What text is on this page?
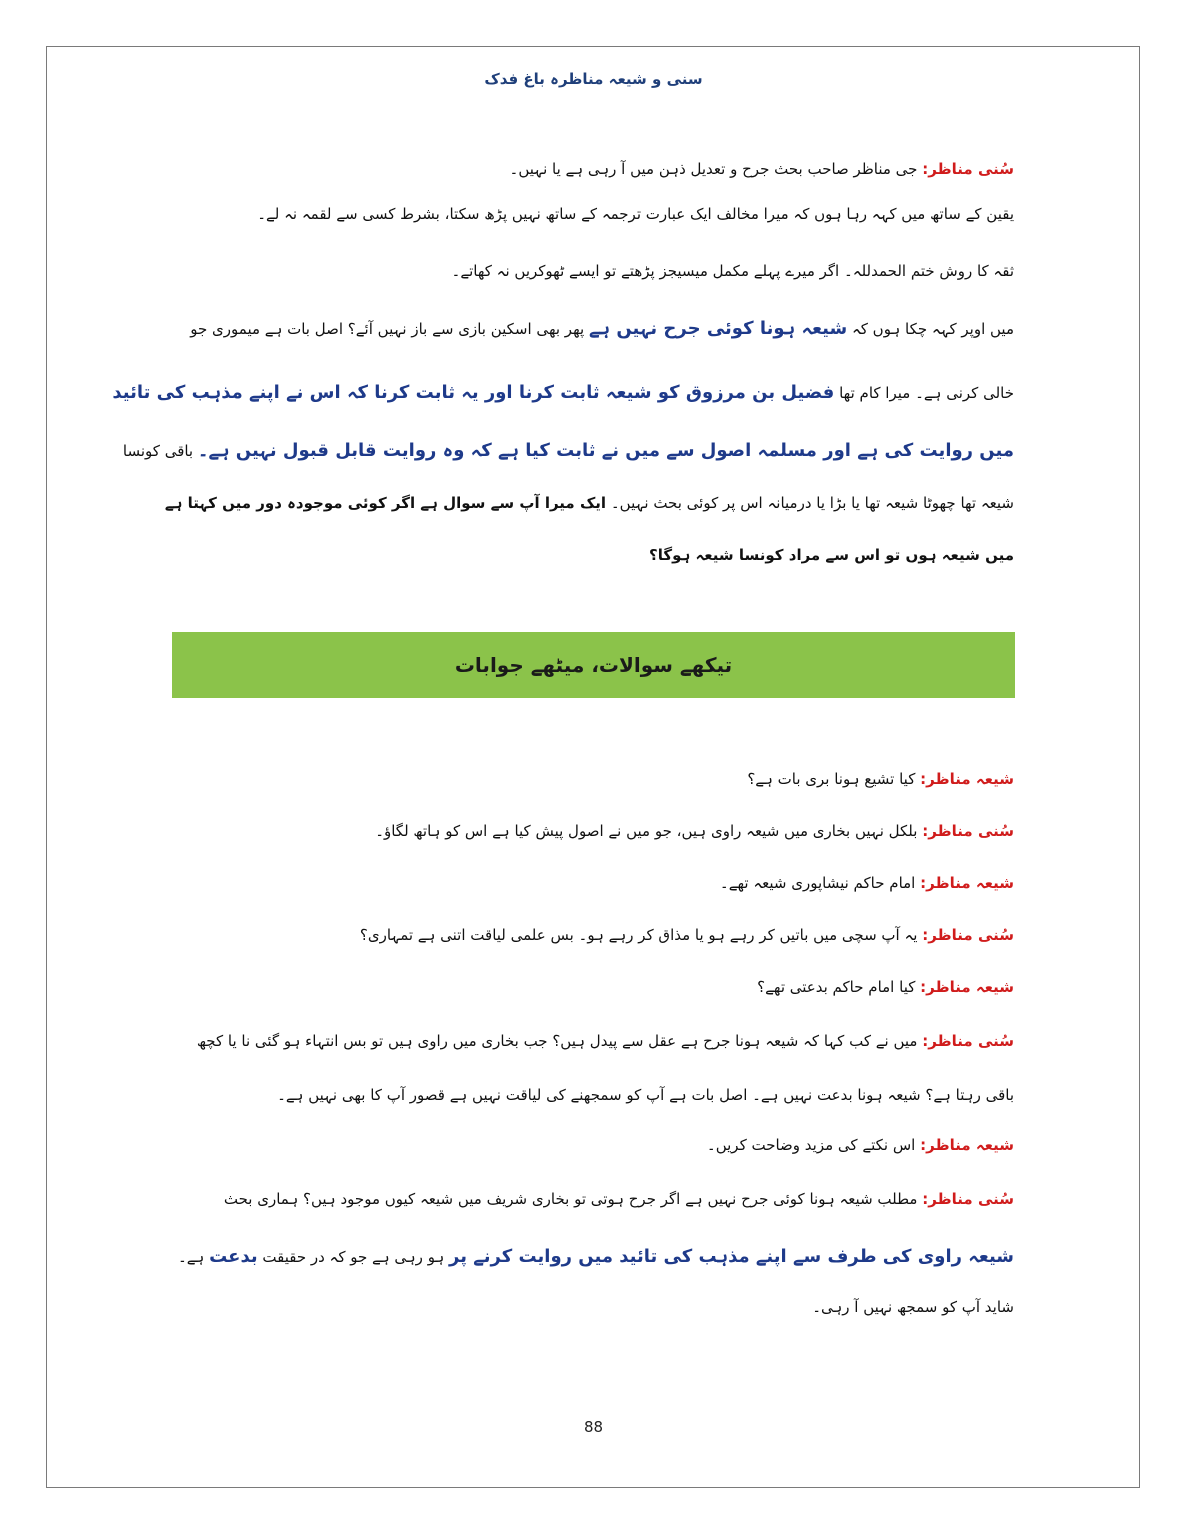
سنی و شیعہ مناظرہ باغ فدک
سُنی مناظر: جی مناظر صاحب بحث جرح و تعدیل ذہن میں آ رہی ہے یا نہیں۔
یقین کے ساتھ میں کہہ رہا ہوں کہ میرا مخالف ایک عبارت ترجمہ کے ساتھ نہیں پڑھ سکتا، بشرط کسی سے لقمہ نہ لے۔
ثقہ کا روش ختم الحمدللہ۔ اگر میرے پہلے مکمل میسیجز پڑھتے تو ایسے ٹھوکریں نہ کھاتے۔
میں اوپر کہہ چکا ہوں کہ شیعہ ہونا کوئی جرح نہیں ہے پھر بھی اسکین بازی سے باز نہیں آئے؟ اصل بات ہے میموری جو
خالی کرنی ہے۔ میرا کام تھا فضیل بن مرزوق کو شیعہ ثابت کرنا اور یہ ثابت کرنا کہ اس نے اپنے مذہب کی تائید
میں روایت کی ہے اور مسلمہ اصول سے میں نے ثابت کیا ہے کہ وہ روایت قابل قبول نہیں ہے۔ باقی کونسا
شیعہ تھا چھوٹا شیعہ تھا یا بڑا یا درمیانہ اس پر کوئی بحث نہیں۔ ایک میرا آپ سے سوال ہے اگر کوئی موجودہ دور میں کہتا ہے
میں شیعہ ہوں تو اس سے مراد کونسا شیعہ ہوگا؟
تیکھے سوالات، میٹھے جوابات
شیعہ مناظر: کیا تشیع ہونا بری بات ہے؟
سُنی مناظر: بلکل نہیں بخاری میں شیعہ راوی ہیں، جو میں نے اصول پیش کیا ہے اس کو ہاتھ لگاؤ۔
شیعہ مناظر: امام حاکم نیشاپوری شیعہ تھے۔
سُنی مناظر: یہ آپ سچی میں باتیں کر رہے ہو یا مذاق کر رہے ہو۔ بس علمی لیاقت اتنی ہے تمہاری؟
شیعہ مناظر: کیا امام حاکم بدعتی تھے؟
سُنی مناظر: میں نے کب کہا کہ شیعہ ہونا جرح ہے عقل سے پیدل ہیں؟ جب بخاری میں راوی ہیں تو بس انتہاء ہو گئی نا یا کچھ
باقی رہتا ہے؟ شیعہ ہونا بدعت نہیں ہے۔ اصل بات ہے آپ کو سمجھنے کی لیاقت نہیں ہے قصور آپ کا بھی نہیں ہے۔
شیعہ مناظر: اس نکتے کی مزید وضاحت کریں۔
سُنی مناظر: مطلب شیعہ ہونا کوئی جرح نہیں ہے اگر جرح ہوتی تو بخاری شریف میں شیعہ کیوں موجود ہیں؟ ہماری بحث
شیعہ راوی کی طرف سے اپنے مذہب کی تائید میں روایت کرنے پر ہو رہی ہے جو کہ در حقیقت بدعت ہے۔
شاید آپ کو سمجھ نہیں آ رہی۔
88
